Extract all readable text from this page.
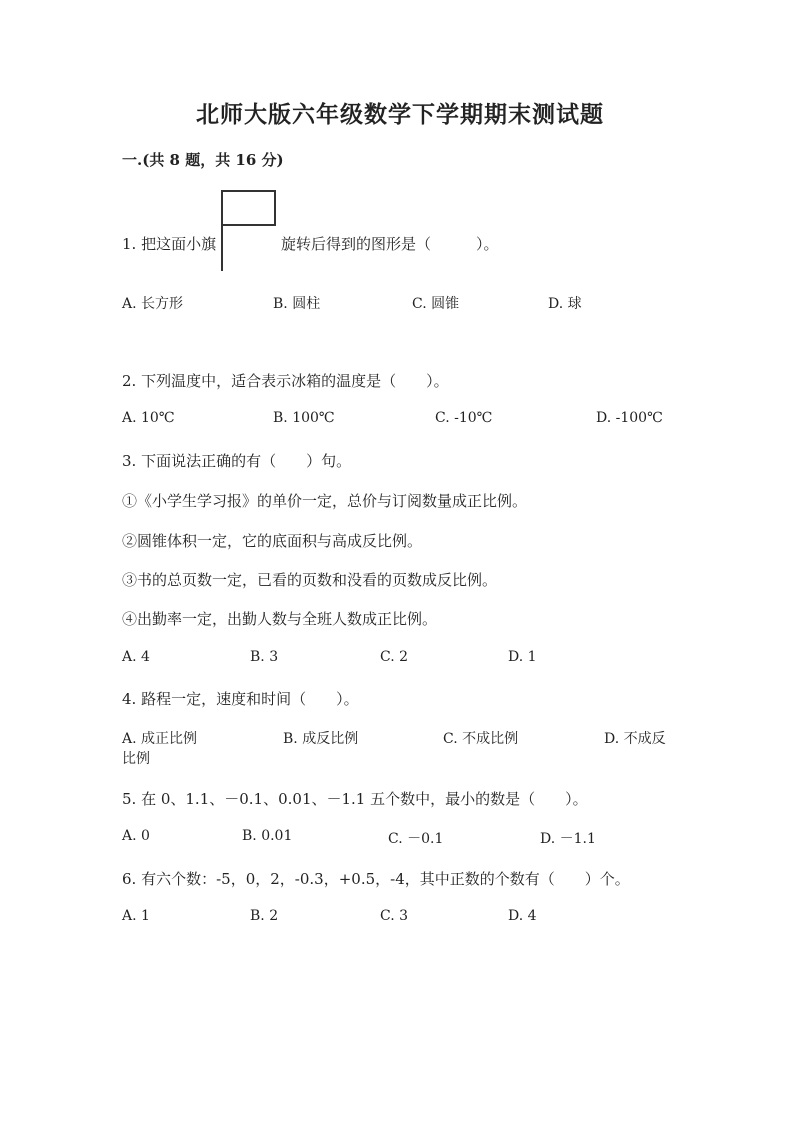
北师大版六年级数学下学期期末测试题
一.(共 8 题，共 16 分)
1. 把这面小旗	旋转后得到的图形是（　　　）。
A. 长方形	B. 圆柱	C. 圆锥	D. 球
2. 下列温度中，适合表示冰箱的温度是（　　）。
A. 10℃	B. 100℃	C. -10℃	D. -100℃
3. 下面说法正确的有（　　）句。
①《小学生学习报》的单价一定，总价与订阅数量成正比例。
②圆锥体积一定，它的底面积与高成反比例。
③书的总页数一定，已看的页数和没看的页数成反比例。
④出勤率一定，出勤人数与全班人数成正比例。
A. 4	B. 3	C. 2	D. 1
4. 路程一定，速度和时间（　　）。
A. 成正比例	B. 成反比例	C. 不成比例	D. 不成反
比例
5. 在 0、1.1、－0.1、0.01、－1.1 五个数中，最小的数是（　　）。
A. 0	B. 0.01	C. －0.1	D. －1.1
6. 有六个数：-5，0，2，-0.3，+0.5，-4，其中正数的个数有（　　）个。
A. 1	B. 2	C. 3	D. 4
